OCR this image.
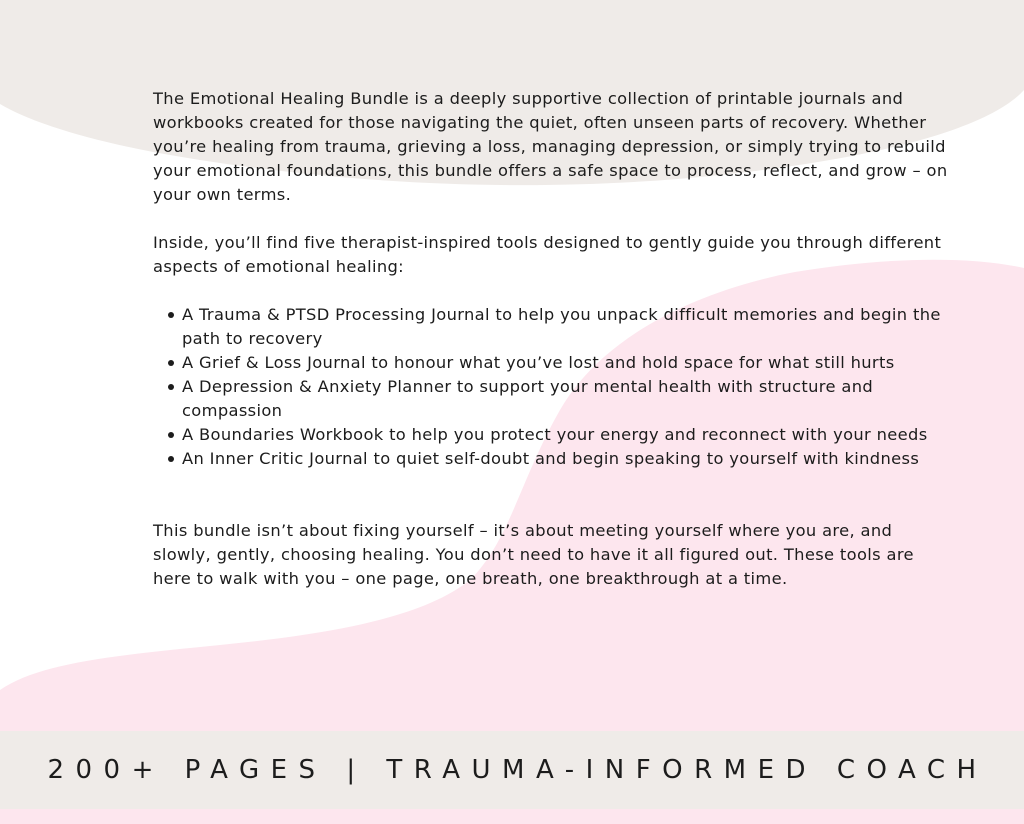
The Emotional Healing Bundle is a deeply supportive collection of printable journals and workbooks created for those navigating the quiet, often unseen parts of recovery. Whether you’re healing from trauma, grieving a loss, managing depression, or simply trying to rebuild your emotional foundations, this bundle offers a safe space to process, reflect, and grow – on your own terms.

Inside, you’ll find five therapist-inspired tools designed to gently guide you through different aspects of emotional healing:

A Trauma & PTSD Processing Journal to help you unpack difficult memories and begin the path to recovery
A Grief & Loss Journal to honour what you’ve lost and hold space for what still hurts
A Depression & Anxiety Planner to support your mental health with structure and compassion
A Boundaries Workbook to help you protect your energy and reconnect with your needs
An Inner Critic Journal to quiet self-doubt and begin speaking to yourself with kindness

This bundle isn’t about fixing yourself – it’s about meeting yourself where you are, and slowly, gently, choosing healing. You don’t need to have it all figured out. These tools are here to walk with you – one page, one breath, one breakthrough at a time.

200+ PAGES | TRAUMA-INFORMED COACH
